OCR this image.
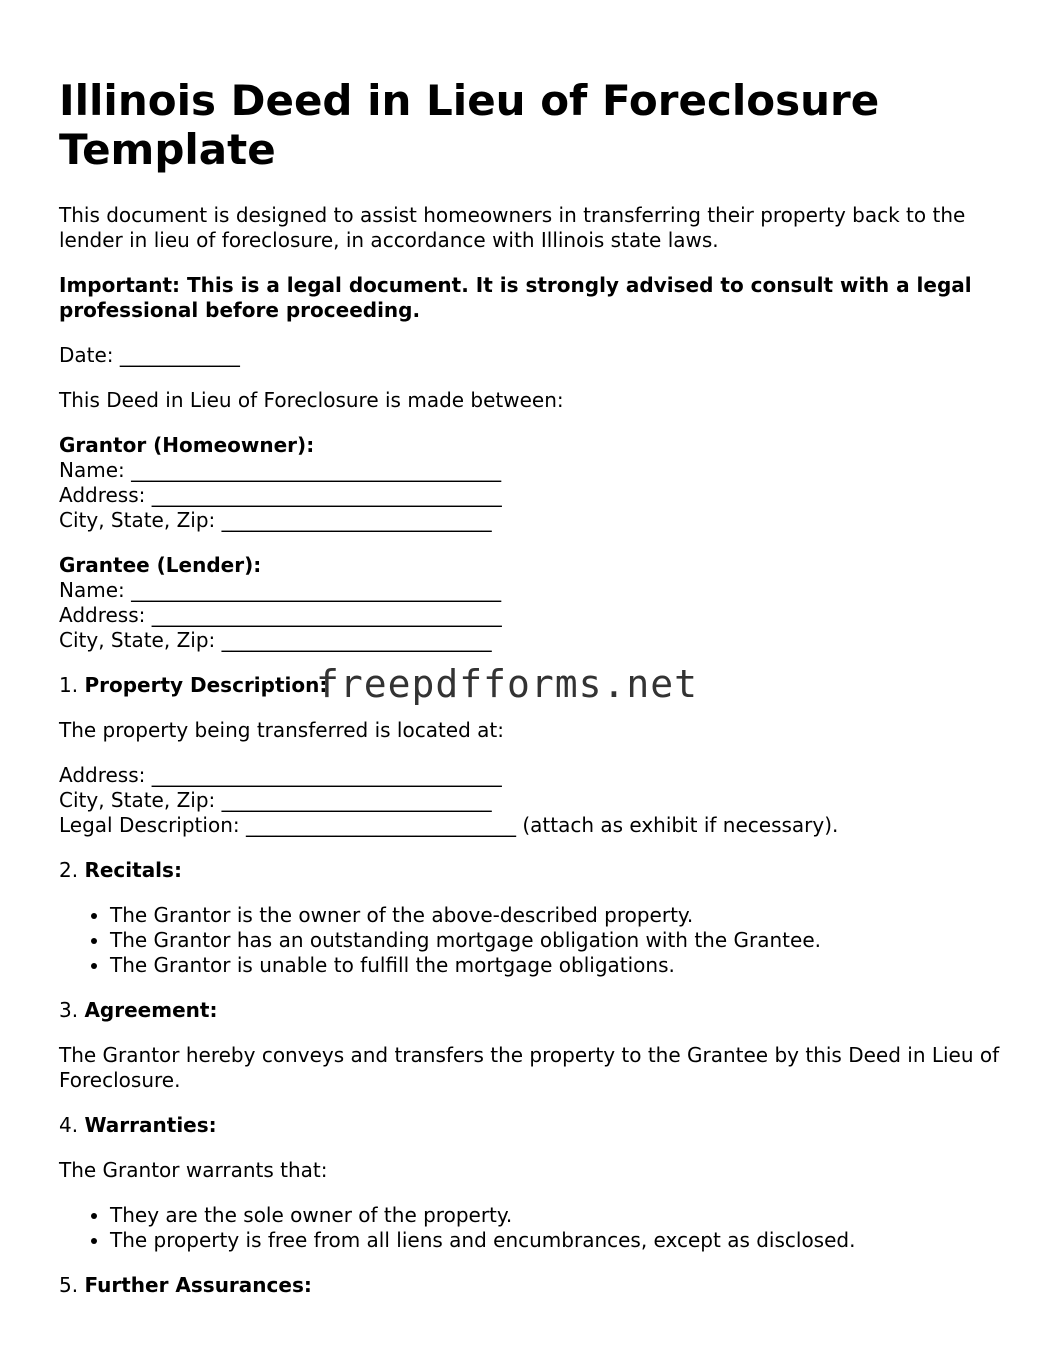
Illinois Deed in Lieu of Foreclosure Template

This document is designed to assist homeowners in transferring their property back to the lender in lieu of foreclosure, in accordance with Illinois state laws.

Important: This is a legal document. It is strongly advised to consult with a legal professional before proceeding.

Date: ____________

This Deed in Lieu of Foreclosure is made between:

Grantor (Homeowner):
Name: _____________________________________
Address: ___________________________________
City, State, Zip: ___________________________
Grantee (Lender):
Name: _____________________________________
Address: ___________________________________
City, State, Zip: ___________________________

1. Property Description:

The property being transferred is located at:

Address: ___________________________________
City, State, Zip: ___________________________
Legal Description: ___________________________ (attach as exhibit if necessary).

2. Recitals:

• The Grantor is the owner of the above-described property.
• The Grantor has an outstanding mortgage obligation with the Grantee.
• The Grantor is unable to fulfill the mortgage obligations.

3. Agreement:

The Grantor hereby conveys and transfers the property to the Grantee by this Deed in Lieu of Foreclosure.

4. Warranties:

The Grantor warrants that:

• They are the sole owner of the property.
• The property is free from all liens and encumbrances, except as disclosed.

5. Further Assurances:

freepdfforms.net
